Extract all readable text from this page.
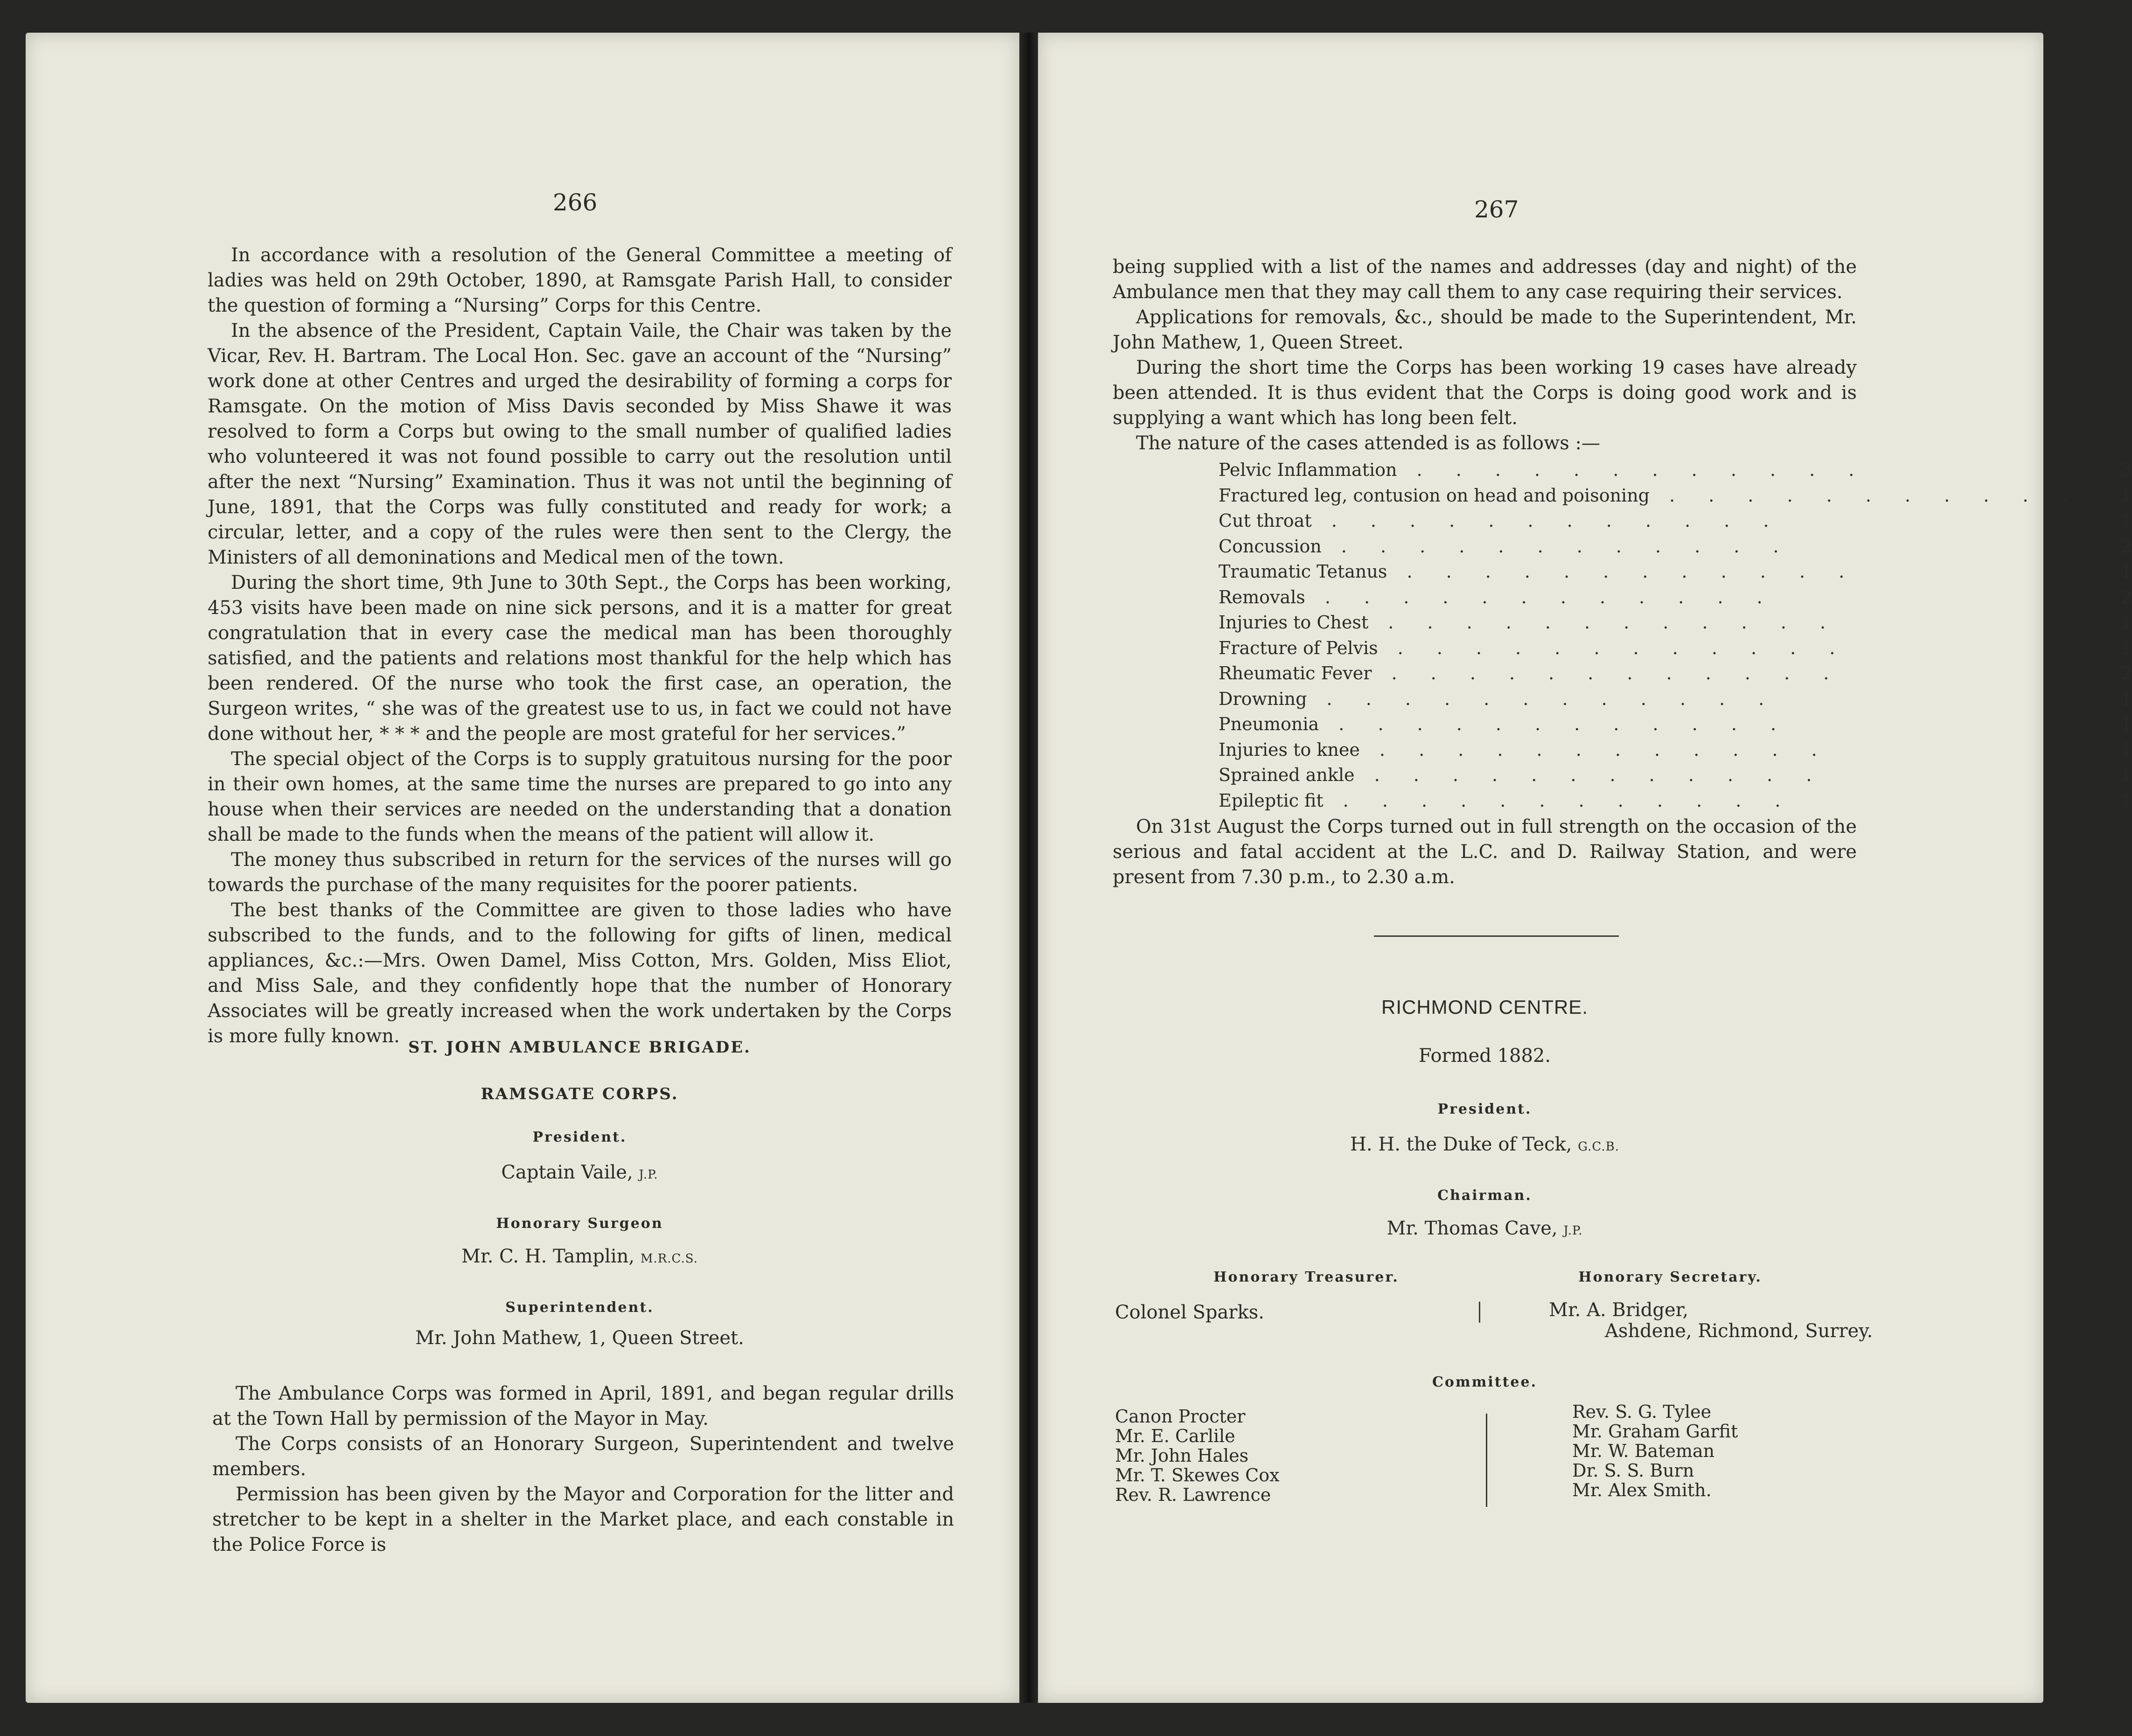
266

In accordance with a resolution of the General Committee a meeting of ladies was held on 29th October, 1890, at Ramsgate Parish Hall, to consider the question of forming a “Nursing” Corps for this Centre.

In the absence of the President, Captain Vaile, the Chair was taken by the Vicar, Rev. H. Bartram. The Local Hon. Sec. gave an account of the “Nursing” work done at other Centres and urged the desirability of forming a corps for Ramsgate. On the motion of Miss Davis seconded by Miss Shawe it was resolved to form a Corps but owing to the small number of qualified ladies who volunteered it was not found possible to carry out the resolution until after the next “Nursing” Examination. Thus it was not until the beginning of June, 1891, that the Corps was fully constituted and ready for work; a circular, letter, and a copy of the rules were then sent to the Clergy, the Ministers of all demoninations and Medical men of the town.

During the short time, 9th June to 30th Sept., the Corps has been working, 453 visits have been made on nine sick persons, and it is a matter for great congratulation that in every case the medical man has been thoroughly satisfied, and the patients and relations most thankful for the help which has been rendered. Of the nurse who took the first case, an operation, the Surgeon writes, “ she was of the greatest use to us, in fact we could not have done without her, * * * and the people are most grateful for her services.”

The special object of the Corps is to supply gratuitous nursing for the poor in their own homes, at the same time the nurses are prepared to go into any house when their services are needed on the understanding that a donation shall be made to the funds when the means of the patient will allow it.

The money thus subscribed in return for the services of the nurses will go towards the purchase of the many requisites for the poorer patients.

The best thanks of the Committee are given to those ladies who have subscribed to the funds, and to the following for gifts of linen, medical appliances, &c.:—Mrs. Owen Damel, Miss Cotton, Mrs. Golden, Miss Eliot, and Miss Sale, and they confidently hope that the number of Honorary Associates will be greatly increased when the work undertaken by the Corps is more fully known.

ST. JOHN AMBULANCE BRIGADE.
RAMSGATE CORPS.
President.
Captain Vaile, J.P.
Honorary Surgeon
Mr. C. H. Tamplin, M.R.C.S.
Superintendent.
Mr. John Mathew, 1, Queen Street.

The Ambulance Corps was formed in April, 1891, and began regular drills at the Town Hall by permission of the Mayor in May.

The Corps consists of an Honorary Surgeon, Superintendent and twelve members.

Permission has been given by the Mayor and Corporation for the litter and stretcher to be kept in a shelter in the Market place, and each constable in the Police Force is

267

being supplied with a list of the names and addresses (day and night) of the Ambulance men that they may call them to any case requiring their services.

Applications for removals, &c., should be made to the Superintendent, Mr. John Mathew, 1, Queen Street.

During the short time the Corps has been working 19 cases have already been attended. It is thus evident that the Corps is doing good work and is supplying a want which has long been felt.

The nature of the cases attended is as follows :—

Pelvic Inflammation . . . . . . . . . . . .	3
Fractured leg, contusion on head and poisoning . . . . . . . . . . . .	1
Cut throat . . . . . . . . . . . .	1
Concussion . . . . . . . . . . . .	2
Traumatic Tetanus . . . . . . . . . . . .	1
Removals . . . . . . . . . . . .	2
Injuries to Chest . . . . . . . . . . . .	1
Fracture of Pelvis . . . . . . . . . . . .	1
Rheumatic Fever . . . . . . . . . . . .	2
Drowning . . . . . . . . . . . .	1
Pneumonia . . . . . . . . . . . .	1
Injuries to knee . . . . . . . . . . . .	1
Sprained ankle . . . . . . . . . . . .	1
Epileptic fit . . . . . . . . . . . .	1

On 31st August the Corps turned out in full strength on the occasion of the serious and fatal accident at the L.C. and D. Railway Station, and were present from 7.30 p.m., to 2.30 a.m.

RICHMOND CENTRE.
Formed 1882.
President.
H. H. the Duke of Teck, G.C.B.
Chairman.
Mr. Thomas Cave, J.P.
Honorary Treasurer.	Honorary Secretary.
Colonel Sparks.	Mr. A. Bridger,
Ashdene, Richmond, Surrey.
Committee.
Canon Procter
Mr. E. Carlile
Mr. John Hales
Mr. T. Skewes Cox
Rev. R. Lawrence
Rev. S. G. Tylee
Mr. Graham Garfit
Mr. W. Bateman
Dr. S. S. Burn
Mr. Alex Smith.
